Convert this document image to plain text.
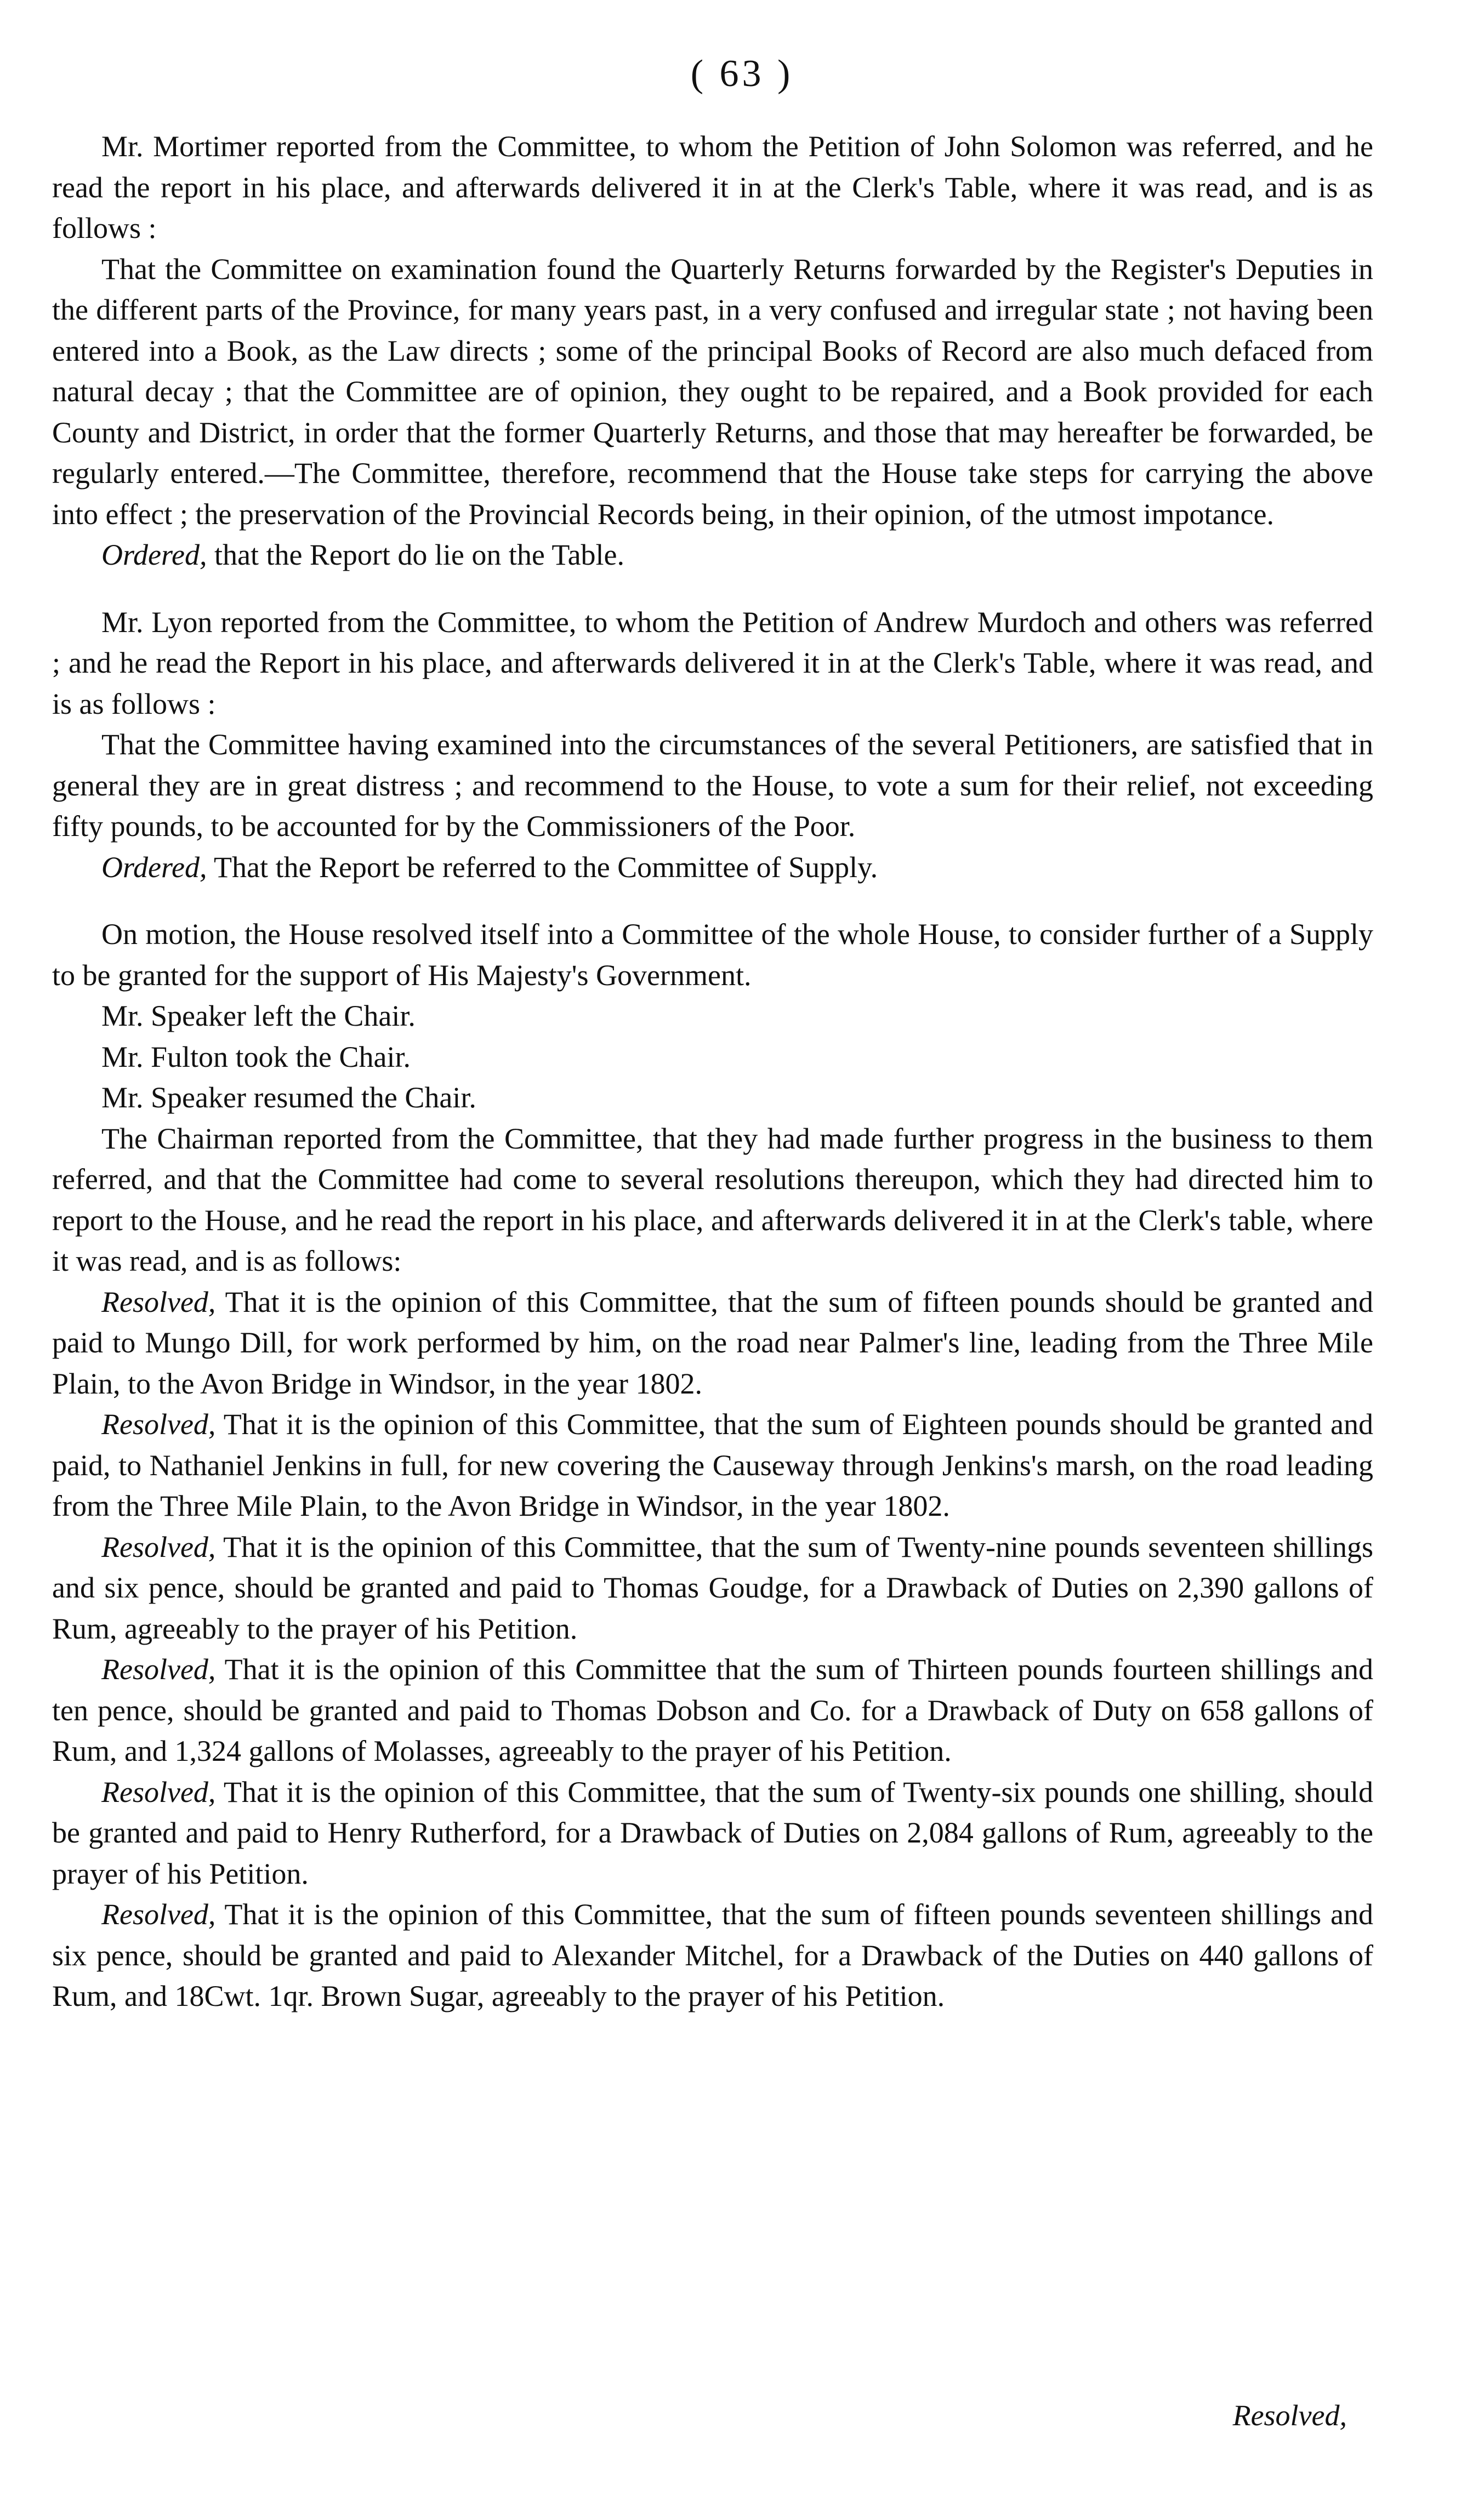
( 63 )

Mr. Mortimer reported from the Committee, to whom the Petition of John Solomon was referred, and he read the report in his place, and afterwards delivered it in at the Clerk's Table, where it was read, and is as follows :

That the Committee on examination found the Quarterly Returns forwarded by the Register's Deputies in the different parts of the Province, for many years past, in a very confused and irregular state ; not having been entered into a Book, as the Law directs ; some of the principal Books of Record are also much defaced from natural decay ; that the Committee are of opinion, they ought to be repaired, and a Book provided for each County and District, in order that the former Quarterly Returns, and those that may hereafter be forwarded, be regularly entered.—The Committee, therefore, recommend that the House take steps for carrying the above into effect ; the preservation of the Provincial Records being, in their opinion, of the utmost impotance.

Ordered, that the Report do lie on the Table.

Mr. Lyon reported from the Committee, to whom the Petition of Andrew Murdoch and others was referred ; and he read the Report in his place, and afterwards delivered it in at the Clerk's Table, where it was read, and is as follows :

That the Committee having examined into the circumstances of the several Petitioners, are satisfied that in general they are in great distress ; and recommend to the House, to vote a sum for their relief, not exceeding fifty pounds, to be accounted for by the Commissioners of the Poor.

Ordered, That the Report be referred to the Committee of Supply.

On motion, the House resolved itself into a Committee of the whole House, to consider further of a Supply to be granted for the support of His Majesty's Government.

Mr. Speaker left the Chair.

Mr. Fulton took the Chair.

Mr. Speaker resumed the Chair.

The Chairman reported from the Committee, that they had made further progress in the business to them referred, and that the Committee had come to several resolutions thereupon, which they had directed him to report to the House, and he read the report in his place, and afterwards delivered it in at the Clerk's table, where it was read, and is as follows:

Resolved, That it is the opinion of this Committee, that the sum of fifteen pounds should be granted and paid to Mungo Dill, for work performed by him, on the road near Palmer's line, leading from the Three Mile Plain, to the Avon Bridge in Windsor, in the year 1802.

Resolved, That it is the opinion of this Committee, that the sum of Eighteen pounds should be granted and paid, to Nathaniel Jenkins in full, for new covering the Causeway through Jenkins's marsh, on the road leading from the Three Mile Plain, to the Avon Bridge in Windsor, in the year 1802.

Resolved, That it is the opinion of this Committee, that the sum of Twenty-nine pounds seventeen shillings and six pence, should be granted and paid to Thomas Goudge, for a Drawback of Duties on 2,390 gallons of Rum, agreeably to the prayer of his Petition.

Resolved, That it is the opinion of this Committee that the sum of Thirteen pounds fourteen shillings and ten pence, should be granted and paid to Thomas Dobson and Co. for a Drawback of Duty on 658 gallons of Rum, and 1,324 gallons of Molasses, agreeably to the prayer of his Petition.

Resolved, That it is the opinion of this Committee, that the sum of Twenty-six pounds one shilling, should be granted and paid to Henry Rutherford, for a Drawback of Duties on 2,084 gallons of Rum, agreeably to the prayer of his Petition.

Resolved, That it is the opinion of this Committee, that the sum of fifteen pounds seventeen shillings and six pence, should be granted and paid to Alexander Mitchel, for a Drawback of the Duties on 440 gallons of Rum, and 18Cwt. 1qr. Brown Sugar, agreeably to the prayer of his Petition.

Resolved,
